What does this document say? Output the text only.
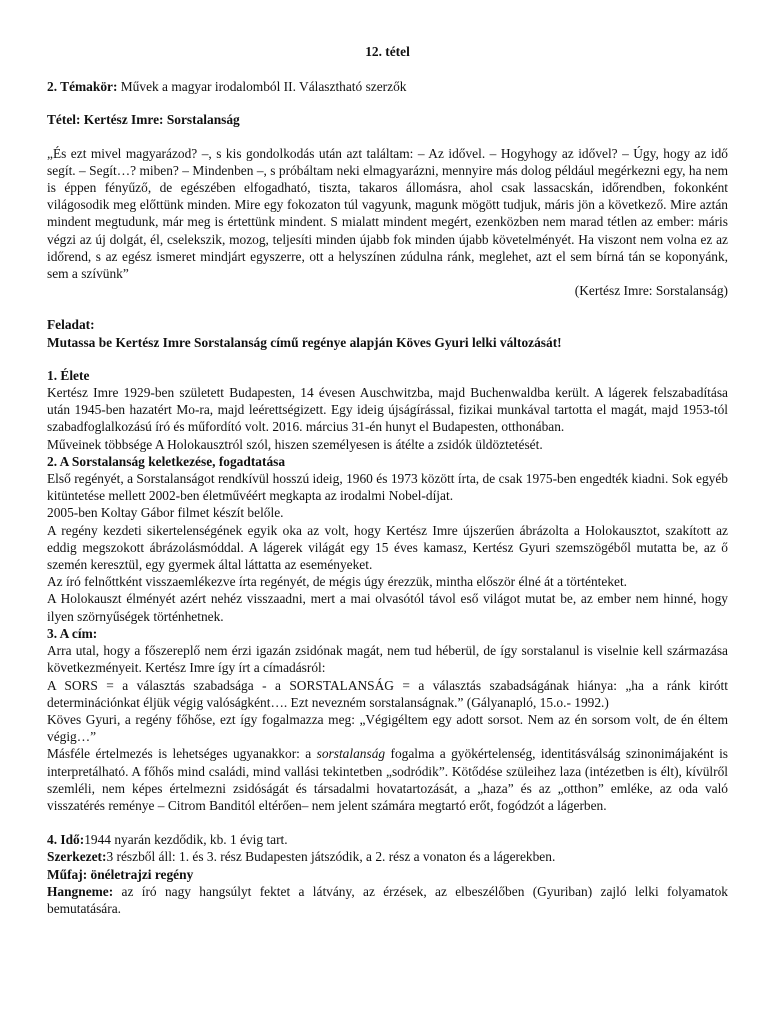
12. tétel

2. Témakör: Művek a magyar irodalomból II. Választható szerzők

Tétel: Kertész Imre: Sorstalanság

„És ezt mivel magyarázod? –, s kis gondolkodás után azt találtam: – Az idővel. – Hogyhogy az idővel? – Úgy, hogy az idő segít. – Segít…? miben? – Mindenben –, s próbáltam neki elmagyarázni, mennyire más dolog például megérkezni egy, ha nem is éppen fényűző, de egészében elfogadható, tiszta, takaros állomásra, ahol csak lassacskán, időrendben, fokonként világosodik meg előttünk minden. Mire egy fokozaton túl vagyunk, magunk mögött tudjuk, máris jön a következő. Mire aztán mindent megtudunk, már meg is értettünk mindent. S mialatt mindent megért, ezenközben nem marad tétlen az ember: máris végzi az új dolgát, él, cselekszik, mozog, teljesíti minden újabb fok minden újabb követelményét. Ha viszont nem volna ez az időrend, s az egész ismeret mindjárt egyszerre, ott a helyszínen zúdulna ránk, meglehet, azt el sem bírná tán se koponyánk, sem a szívünk”

(Kertész Imre: Sorstalanság)

Feladat:

Mutassa be Kertész Imre Sorstalanság című regénye alapján Köves Gyuri lelki változását!

1. Élete

Kertész Imre 1929-ben született Budapesten, 14 évesen Auschwitzba, majd Buchenwaldba került. A lágerek felszabadítása után 1945-ben hazatért Mo-ra, majd leérettségizett. Egy ideig újságírással, fizikai munkával tartotta el magát, majd 1953-tól szabadfoglalkozású író és műfordító volt. 2016. március 31-én hunyt el Budapesten, otthonában.

Műveinek többsége A Holokausztról szól, hiszen személyesen is átélte a zsidók üldöztetését.

2. A Sorstalanság keletkezése, fogadtatása

Első regényét, a Sorstalanságot rendkívül hosszú ideig, 1960 és 1973 között írta, de csak 1975-ben engedték kiadni. Sok egyéb kitüntetése mellett 2002-ben életművéért megkapta az irodalmi Nobel-díjat.

2005-ben Koltay Gábor filmet készít belőle.

A regény kezdeti sikertelenségének egyik oka az volt, hogy Kertész Imre újszerűen ábrázolta a Holokausztot, szakított az eddig megszokott ábrázolásmóddal. A lágerek világát egy 15 éves kamasz, Kertész Gyuri szemszögéből mutatta be, az ő szemén keresztül, egy gyermek által láttatta az eseményeket.

Az író felnőttként visszaemlékezve írta regényét, de mégis úgy érezzük, mintha először élné át a történteket.

A Holokauszt élményét azért nehéz visszaadni, mert a mai olvasótól távol eső világot mutat be, az ember nem hinné, hogy ilyen szörnyűségek történhetnek.

3. A cím:

Arra utal, hogy a főszereplő nem érzi igazán zsidónak magát, nem tud héberül, de így sorstalanul is viselnie kell származása következményeit. Kertész Imre így írt a címadásról:

A SORS = a választás szabadsága - a SORSTALANSÁG = a választás szabadságának hiánya: „ha a ránk kirótt determinációnkat éljük végig valóságként…. Ezt nevezném sorstalanságnak.” (Gályanapló, 15.o.- 1992.)

Köves Gyuri, a regény főhőse, ezt így fogalmazza meg: „Végigéltem egy adott sorsot. Nem az én sorsom volt, de én éltem végig…”

Másféle értelmezés is lehetséges ugyanakkor: a sorstalanság fogalma a gyökértelenség, identitásválság szinonimájaként is interpretálható. A főhős mind családi, mind vallási tekintetben „sodródik”. Kötődése szüleihez laza (intézetben is élt), kívülről szemléli, nem képes értelmezni zsidóságát és társadalmi hovatartozását, a „haza” és az „otthon” emléke, az oda való visszatérés reménye – Citrom Banditól eltérően– nem jelent számára megtartó erőt, fogódzót a lágerben.

4. Idő:1944 nyarán kezdődik, kb. 1 évig tart.

Szerkezet:3 részből áll: 1. és 3. rész Budapesten játszódik, a 2. rész a vonaton és a lágerekben.

Műfaj: önéletrajzi regény

Hangneme: az író nagy hangsúlyt fektet a látvány, az érzések, az elbeszélőben (Gyuriban) zajló lelki folyamatok bemutatására.
